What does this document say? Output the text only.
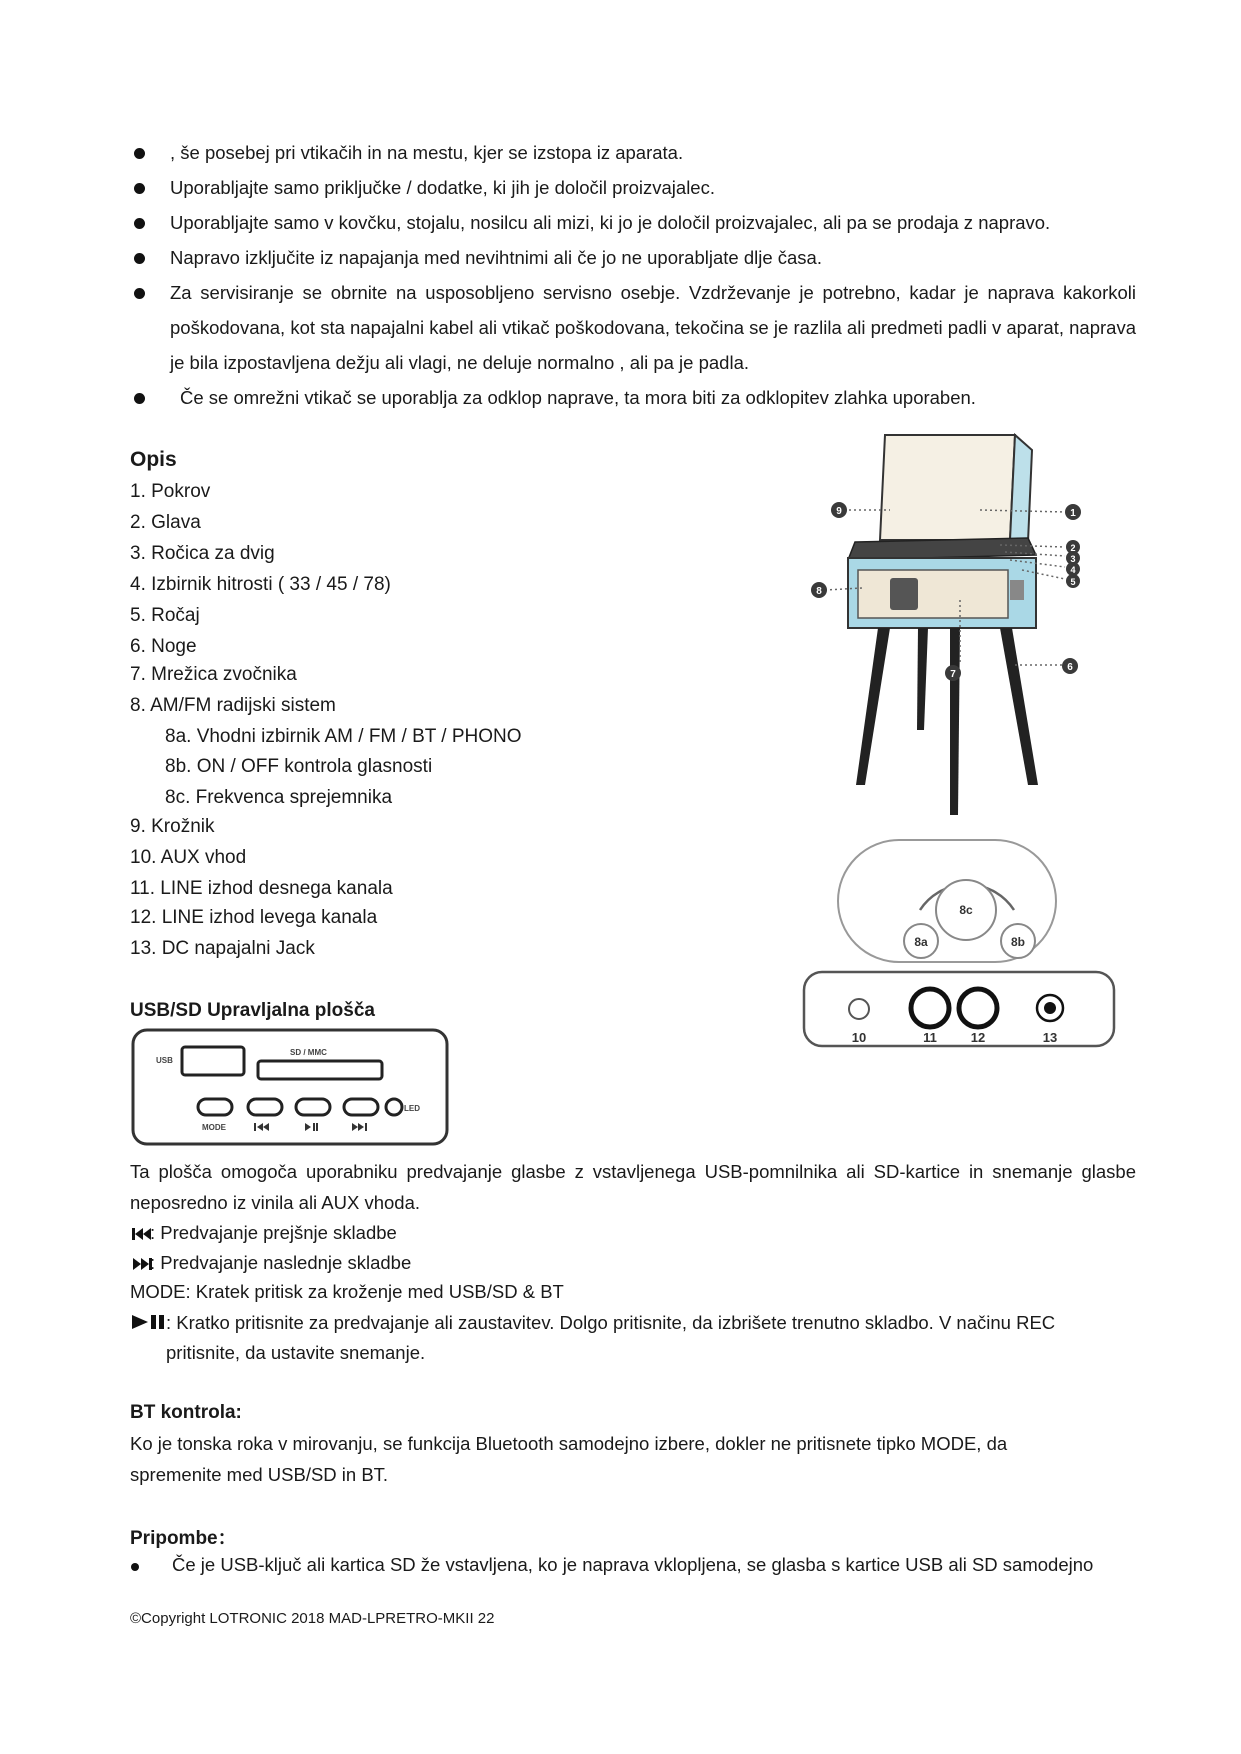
, še posebej pri vtikačih in na mestu, kjer se izstopa iz aparata.
Uporabljajte samo priključke / dodatke, ki jih je določil proizvajalec.
Uporabljajte samo v kovčku, stojalu, nosilcu ali mizi, ki jo je določil proizvajalec, ali pa se prodaja z napravo.
Napravo izključite iz napajanja med nevihtnimi ali če jo ne uporabljate dlje časa.
Za servisiranje se obrnite na usposobljeno servisno osebje. Vzdrževanje je potrebno, kadar je naprava kakorkoli poškodovana, kot sta napajalni kabel ali vtikač poškodovana, tekočina se je razlila ali predmeti padli v aparat, naprava je bila izpostavljena dežju ali vlagi, ne deluje normalno , ali pa je padla.
Če se omrežni vtikač se uporablja za odklop naprave, ta mora biti za odklopitev zlahka uporaben.
Opis
1. Pokrov
2. Glava
3. Ročica za dvig
4. Izbirnik hitrosti ( 33 / 45 / 78)
5. Ročaj
6. Noge
7. Mrežica zvočnika
8. AM/FM radijski sistem
8a. Vhodni izbirnik AM / FM / BT / PHONO
8b. ON / OFF kontrola glasnosti
8c. Frekvenca sprejemnika
9. Krožnik
10. AUX vhod
11. LINE izhod desnega kanala
12. LINE izhod levega kanala
13. DC napajalni Jack
9	1
2
3
4
5
6
7
8
8c
8a	8b
10	11	12	13
USB/SD Upravljalna plošča
USB
SD / MMC
MODE
LED
Ta plošča omogoča uporabniku predvajanje glasbe z vstavljenega USB-pomnilnika ali SD-kartice in snemanje glasbe neposredno iz vinila ali AUX vhoda.
: Predvajanje prejšnje skladbe
: Predvajanje naslednje skladbe
MODE: Kratek pritisk za kroženje med USB/SD & BT
: Kratko pritisnite za predvajanje ali zaustavitev. Dolgo pritisnite, da izbrišete trenutno skladbo. V načinu REC
pritisnite, da ustavite snemanje.
BT kontrola:
Ko je tonska roka v mirovanju, se funkcija Bluetooth samodejno izbere, dokler ne pritisnete tipko MODE, da
spremenite med USB/SD in BT.
Pripombe：
Če je USB-ključ ali kartica SD že vstavljena, ko je naprava vklopljena, se glasba s kartice USB ali SD samodejno
©Copyright LOTRONIC 2018 MAD-LPRETRO-MKII 22
